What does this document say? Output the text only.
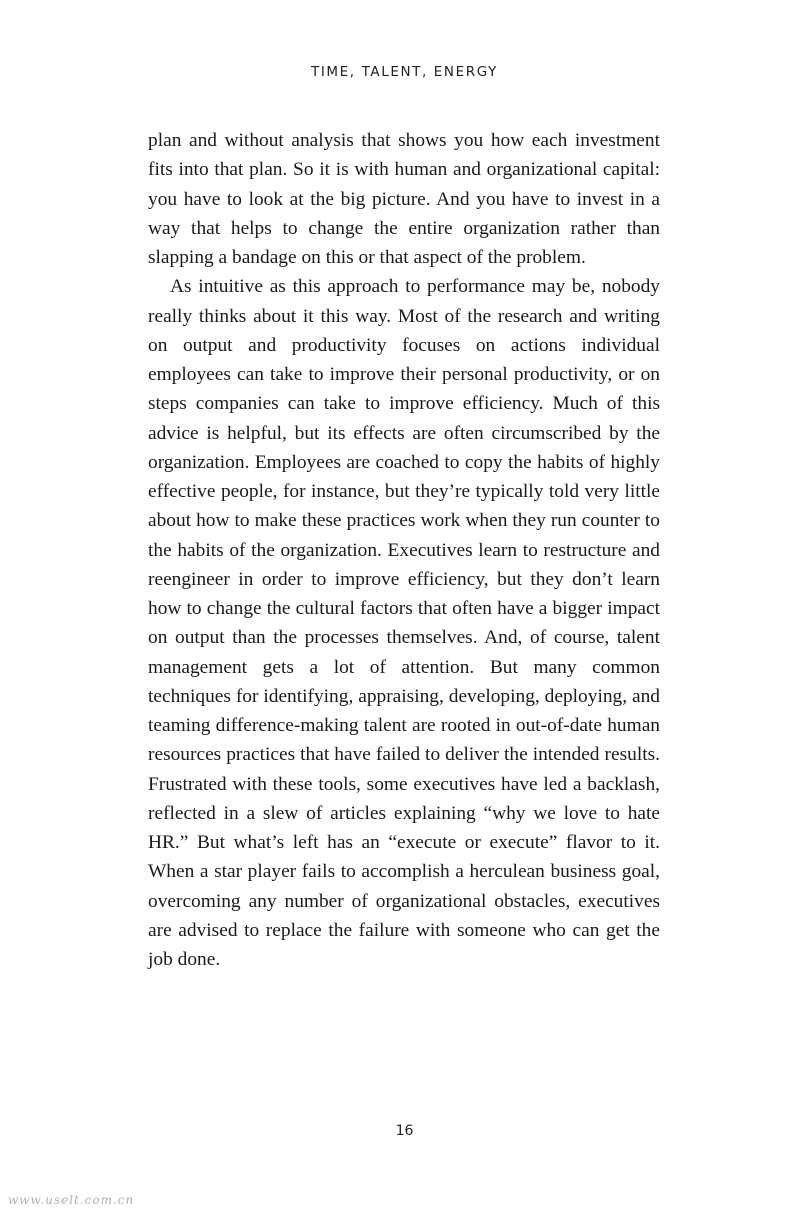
TIME, TALENT, ENERGY

plan and without analysis that shows you how each investment fits into that plan. So it is with human and organizational capital: you have to look at the big picture. And you have to invest in a way that helps to change the entire organization rather than slapping a bandage on this or that aspect of the problem.

As intuitive as this approach to performance may be, nobody really thinks about it this way. Most of the research and writing on output and productivity focuses on actions individual employees can take to improve their personal productivity, or on steps companies can take to improve efficiency. Much of this advice is helpful, but its effects are often circumscribed by the organization. Employees are coached to copy the habits of highly effective people, for instance, but they’re typically told very little about how to make these practices work when they run counter to the habits of the organization. Executives learn to restructure and reengineer in order to improve efficiency, but they don’t learn how to change the cultural factors that often have a bigger impact on output than the processes themselves. And, of course, talent management gets a lot of attention. But many common techniques for identifying, appraising, developing, deploying, and teaming difference-making talent are rooted in out-of-date human resources practices that have failed to deliver the intended results. Frustrated with these tools, some executives have led a backlash, reflected in a slew of articles explaining “why we love to hate HR.” But what’s left has an “execute or execute” flavor to it. When a star player fails to accomplish a herculean business goal, overcoming any number of organizational obstacles, executives are advised to replace the failure with someone who can get the job done.

16
www.uselt.com.cn
